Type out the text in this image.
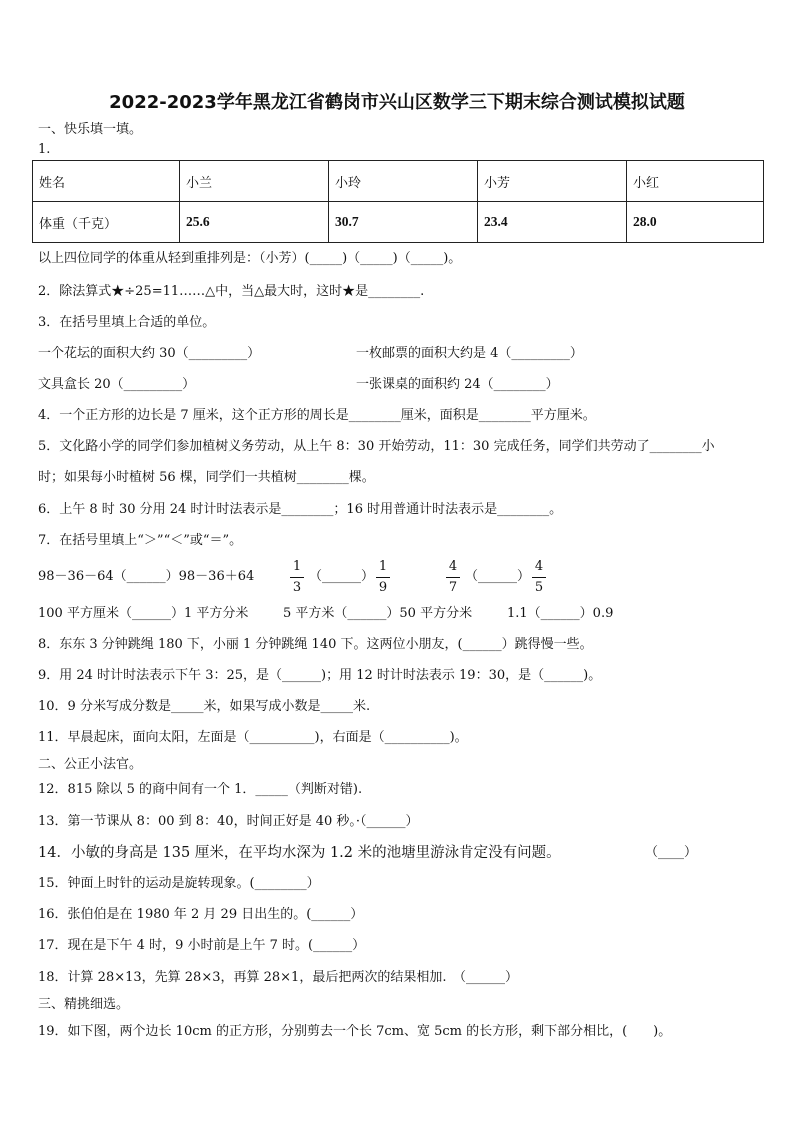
2022-2023学年黑龙江省鹤岗市兴山区数学三下期末综合测试模拟试题
一、快乐填一填。
1.
姓名	小兰	小玲	小芳	小红
体重（千克）	25.6	30.7	23.4	28.0
以上四位同学的体重从轻到重排列是：（小芳）(_____)（_____)（_____)。
2．除法算式★÷25=11……△中，当△最大时，这时★是________.
3．在括号里填上合适的单位。
一个花坛的面积大约 30（_________）	一枚邮票的面积大约是 4（_________）
文具盒长 20（_________）	一张课桌的面积约 24（________）
4．一个正方形的边长是 7 厘米，这个正方形的周长是________厘米，面积是________平方厘米。
5．文化路小学的同学们参加植树义务劳动，从上午 8：30 开始劳动，11：30 完成任务，同学们共劳动了________小
时；如果每小时植树 56 棵，同学们一共植树________棵。
6．上午 8 时 30 分用 24 时计时法表示是________；16 时用普通计时法表示是________。
7．在括号里填上“＞”“＜”或“＝”。
98－36－64（______）98－36＋64
1
3
（______）
1
9
4
7
（______）
4
5
100 平方厘米（______）1 平方分米	5 平方米（______）50 平方分米	1.1（______）0.9
8．东东 3 分钟跳绳 180 下，小丽 1 分钟跳绳 140 下。这两位小朋友，(______）跳得慢一些。
9．用 24 时计时法表示下午 3：25，是（______)；用 12 时计时法表示 19：30，是（______)。
10．9 分米写成分数是_____米，如果写成小数是_____米.
11．早晨起床，面向太阳，左面是（__________)，右面是（__________)。
二、公正小法官。
12．815 除以 5 的商中间有一个 1．_____（判断对错).
13．第一节课从 8：00 到 8：40，时间正好是 40 秒。·（______）
14．小敏的身高是 135 厘米，在平均水深为 1.2 米的池塘里游泳肯定没有问题。	（____）
15．钟面上时针的运动是旋转现象。(________）
16．张伯伯是在 1980 年 2 月 29 日出生的。(______）
17．现在是下午 4 时，9 小时前是上午 7 时。(______）
18．计算 28×13，先算 28×3，再算 28×1，最后把两次的结果相加.　（______）
三、精挑细选。
19．如下图，两个边长 10cm 的正方形，分别剪去一个长 7cm、宽 5cm 的长方形，剩下部分相比，(　　)。
